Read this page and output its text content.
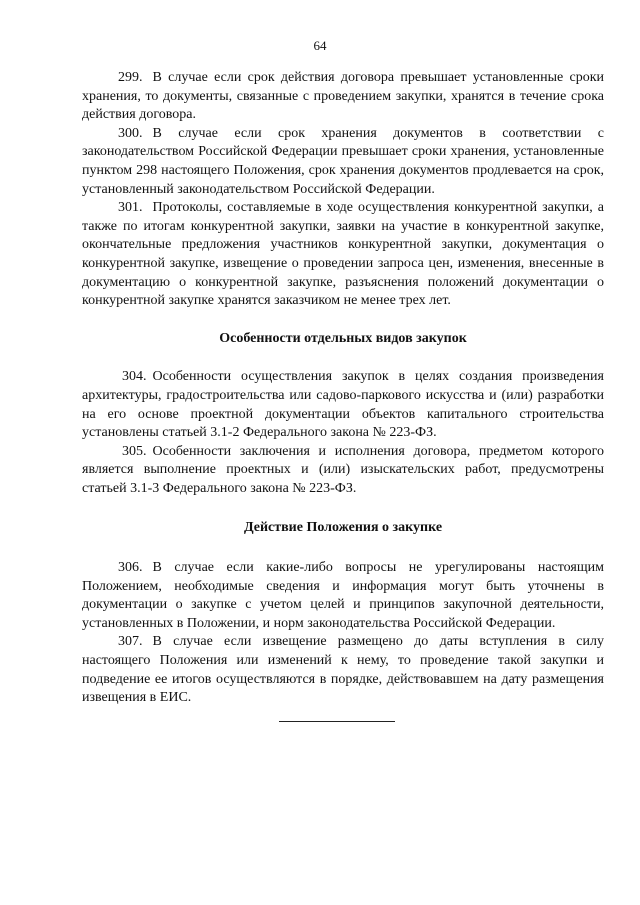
64

299. В случае если срок действия договора превышает установленные сроки хранения, то документы, связанные с проведением закупки, хранятся в течение срока действия договора.

300. В случае если срок хранения документов в соответствии с законодательством Российской Федерации превышает сроки хранения, установленные пунктом 298 настоящего Положения, срок хранения документов продлевается на срок, установленный законодательством Российской Федерации.

301. Протоколы, составляемые в ходе осуществления конкурентной закупки, а также по итогам конкурентной закупки, заявки на участие в конкурентной закупке, окончательные предложения участников конкурентной закупки, документация о конкурентной закупке, извещение о проведении запроса цен, изменения, внесенные в документацию о конкурентной закупке, разъяснения положений документации о конкурентной закупке хранятся заказчиком не менее трех лет.

Особенности отдельных видов закупок

304. Особенности осуществления закупок в целях создания произведения архитектуры, градостроительства или садово-паркового искусства и (или) разработки на его основе проектной документации объектов капитального строительства установлены статьей 3.1-2 Федерального закона № 223-ФЗ.

305. Особенности заключения и исполнения договора, предметом которого является выполнение проектных и (или) изыскательских работ, предусмотрены статьей 3.1-3 Федерального закона № 223-ФЗ.

Действие Положения о закупке

306. В случае если какие-либо вопросы не урегулированы настоящим Положением, необходимые сведения и информация могут быть уточнены в документации о закупке с учетом целей и принципов закупочной деятельности, установленных в Положении, и норм законодательства Российской Федерации.

307. В случае если извещение размещено до даты вступления в силу настоящего Положения или изменений к нему, то проведение такой закупки и подведение ее итогов осуществляются в порядке, действовавшем на дату размещения извещения в ЕИС.
